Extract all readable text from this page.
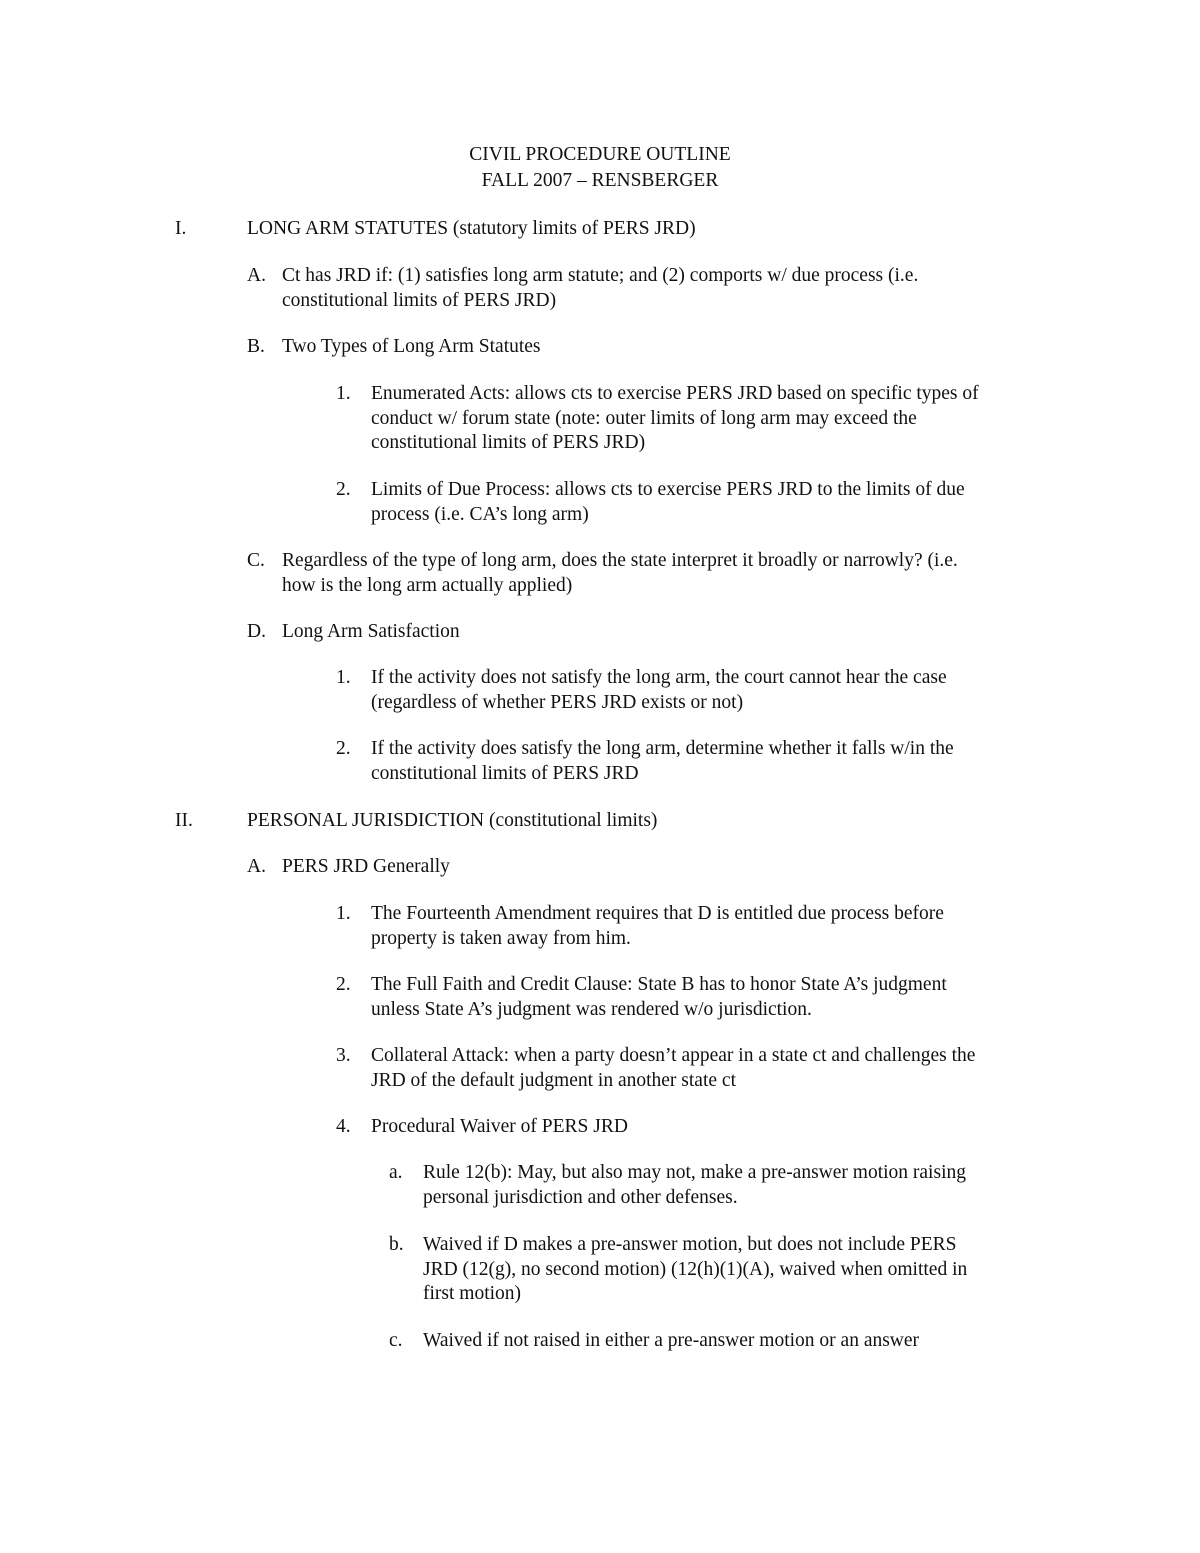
CIVIL PROCEDURE OUTLINE
FALL 2007 – RENSBERGER
I.	LONG ARM STATUTES (statutory limits of PERS JRD)
A. Ct has JRD if: (1) satisfies long arm statute; and (2) comports w/ due process (i.e.
constitutional limits of PERS JRD)
B. Two Types of Long Arm Statutes
1. Enumerated Acts: allows cts to exercise PERS JRD based on specific types of
conduct w/ forum state (note: outer limits of long arm may exceed the
constitutional limits of PERS JRD)
2. Limits of Due Process: allows cts to exercise PERS JRD to the limits of due
process (i.e. CA’s long arm)
C. Regardless of the type of long arm, does the state interpret it broadly or narrowly? (i.e.
how is the long arm actually applied)
D. Long Arm Satisfaction
1. If the activity does not satisfy the long arm, the court cannot hear the case
(regardless of whether PERS JRD exists or not)
2. If the activity does satisfy the long arm, determine whether it falls w/in the
constitutional limits of PERS JRD
II.	PERSONAL JURISDICTION (constitutional limits)
A. PERS JRD Generally
1. The Fourteenth Amendment requires that D is entitled due process before
property is taken away from him.
2. The Full Faith and Credit Clause: State B has to honor State A’s judgment
unless State A’s judgment was rendered w/o jurisdiction.
3. Collateral Attack: when a party doesn’t appear in a state ct and challenges the
JRD of the default judgment in another state ct
4. Procedural Waiver of PERS JRD
a. Rule 12(b): May, but also may not, make a pre-answer motion raising
personal jurisdiction and other defenses.
b. Waived if D makes a pre-answer motion, but does not include PERS
JRD (12(g), no second motion) (12(h)(1)(A), waived when omitted in
first motion)
c. Waived if not raised in either a pre-answer motion or an answer
